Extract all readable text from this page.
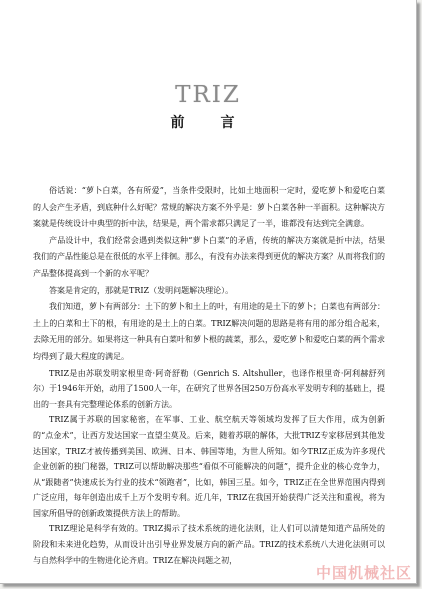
TRIZ
前　言

俗话说：“萝卜白菜，各有所爱”，当条件受限时，比如土地面积一定时，爱吃萝卜和爱吃白菜的人会产生矛盾，到底种什么好呢？常规的解决方案不外乎是：萝卜白菜各种一半面积。这种解决方案就是传统设计中典型的折中法，结果是，两个需求都只满足了一半，谁都没有达到完全满意。

产品设计中，我们经常会遇到类似这种“萝卜白菜”的矛盾，传统的解决方案就是折中法，结果我们的产品性能总是在很低的水平上徘徊。那么，有没有办法来得到更优的解决方案？从而将我们的产品整体提高到一个新的水平呢？

答案是肯定的，那就是TRIZ（发明问题解决理论）。

我们知道，萝卜有两部分：土下的萝卜和土上的叶，有用途的是土下的萝卜；白菜也有两部分：土上的白菜和土下的根，有用途的是土上的白菜。TRIZ解决问题的思路是将有用的部分组合起来，去除无用的部分。如果将这一种具有白菜叶和萝卜根的蔬菜，那么，爱吃萝卜和爱吃白菜的两个需求均得到了最大程度的满足。

TRIZ是由苏联发明家根里奇·阿奇舒勒（Genrich S. Altshuller，也译作根里奇·阿利赫舒列尔）于1946年开始，动用了1500人一年，在研究了世界各国250万份高水平发明专利的基础上，提出的一套具有完整理论体系的创新方法。

TRIZ属于苏联的国家秘密，在军事、工业、航空航天等领域均发挥了巨大作用，成为创新的“点金术”，让西方发达国家一直望尘莫及。后来，随着苏联的解体，大批TRIZ专家移居到其他发达国家，TRIZ才被传播到美国、欧洲、日本、韩国等地，为世人所知。如今TRIZ正成为许多现代企业创新的独门秘器，TRIZ可以帮助解决那些“看似不可能解决的问题”，提升企业的核心竞争力，从“跟随者”快速成长为行业的技术“领跑者”，比如，韩国三星。如今，TRIZ正在全世界范围内得到广泛应用，每年创造出成千上万个发明专利。近几年，TRIZ在我国开始获得广泛关注和重视，将为国家所倡导的创新政策提供方法上的帮助。

TRIZ理论是科学有效的。TRIZ揭示了技术系统的进化法则，让人们可以清楚知道产品所处的阶段和未来进化趋势，从而设计出引导业界发展方向的新产品。TRIZ的技术系统八大进化法则可以与自然科学中的生物进化论齐肩。TRIZ在解决问题之初，

中国机械社区
